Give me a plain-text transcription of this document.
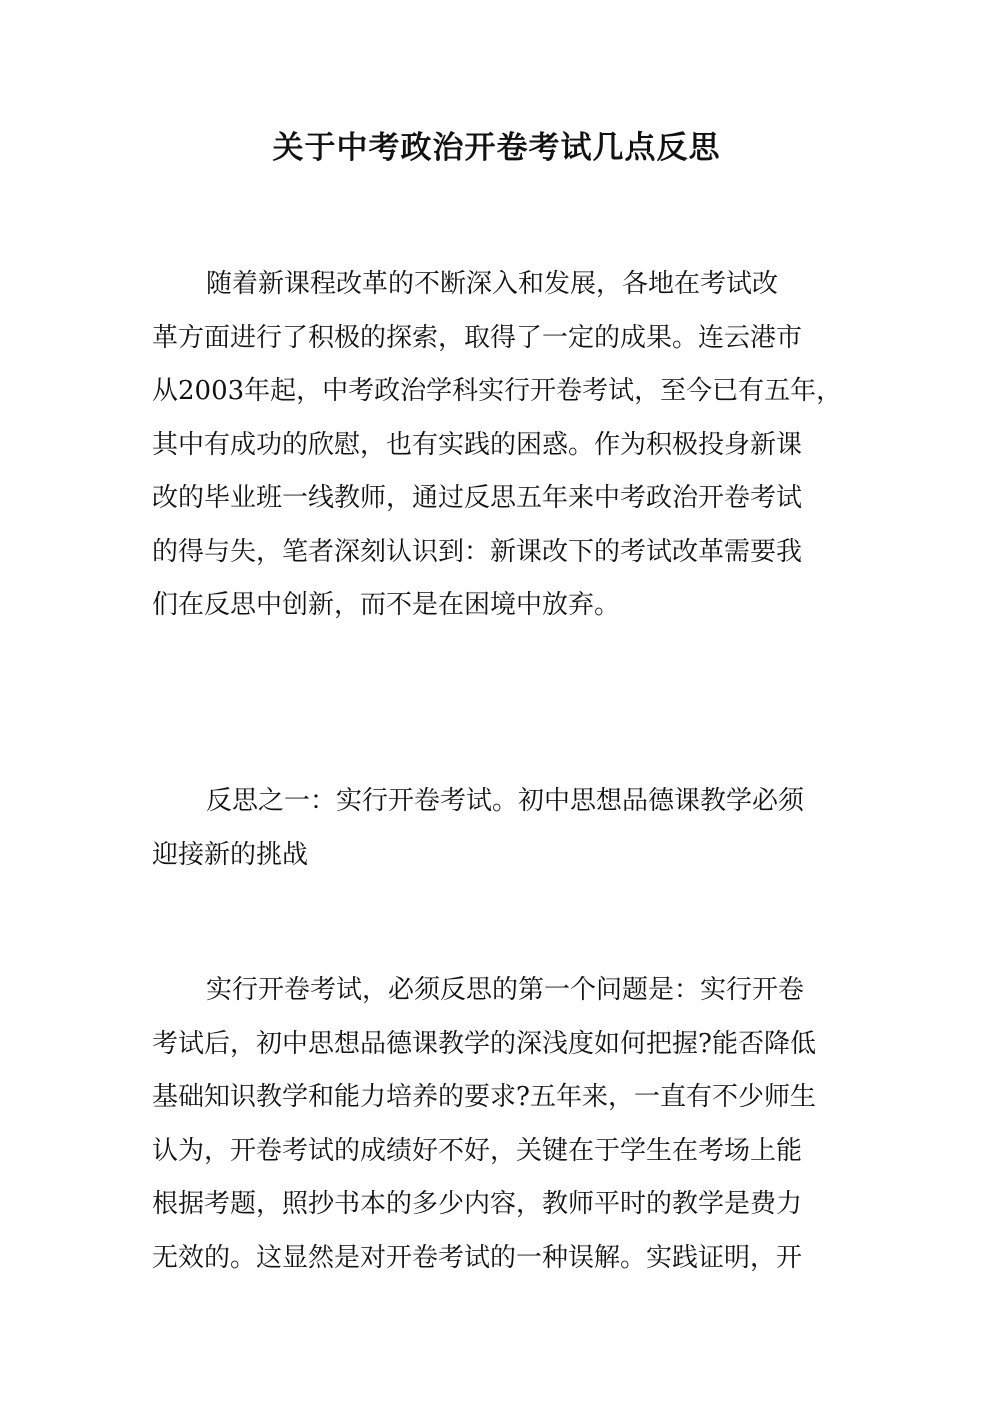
关于中考政治开卷考试几点反思
随着新课程改革的不断深入和发展，各地在考试改
革方面进行了积极的探索，取得了一定的成果。连云港市
从2003年起，中考政治学科实行开卷考试，至今已有五年，
其中有成功的欣慰，也有实践的困惑。作为积极投身新课
改的毕业班一线教师，通过反思五年来中考政治开卷考试
的得与失，笔者深刻认识到：新课改下的考试改革需要我
们在反思中创新，而不是在困境中放弃。
反思之一：实行开卷考试。初中思想品德课教学必须
迎接新的挑战
实行开卷考试，必须反思的第一个问题是：实行开卷
考试后，初中思想品德课教学的深浅度如何把握?能否降低
基础知识教学和能力培养的要求?五年来，一直有不少师生
认为，开卷考试的成绩好不好，关键在于学生在考场上能
根据考题，照抄书本的多少内容，教师平时的教学是费力
无效的。这显然是对开卷考试的一种误解。实践证明，开
